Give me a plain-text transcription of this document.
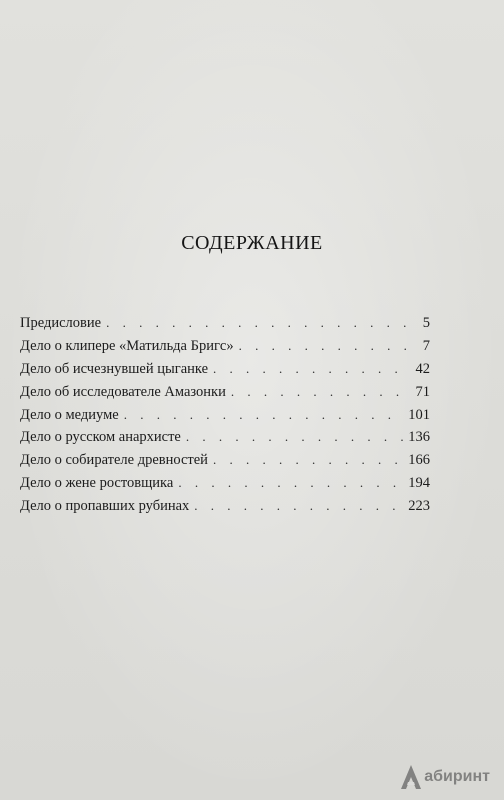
СОДЕРЖАНИЕ
Предисловие . . .	5
Дело о клипере «Матильда Бригс» . . .	7
Дело об исчезнувшей цыганке . . .	42
Дело об исследователе Амазонки . . .	71
Дело о медиуме . . .	101
Дело о русском анархисте . . .	136
Дело о собирателе древностей . . .	166
Дело о жене ростовщика . . .	194
Дело о пропавших рубинах . . .	223
абиринт
